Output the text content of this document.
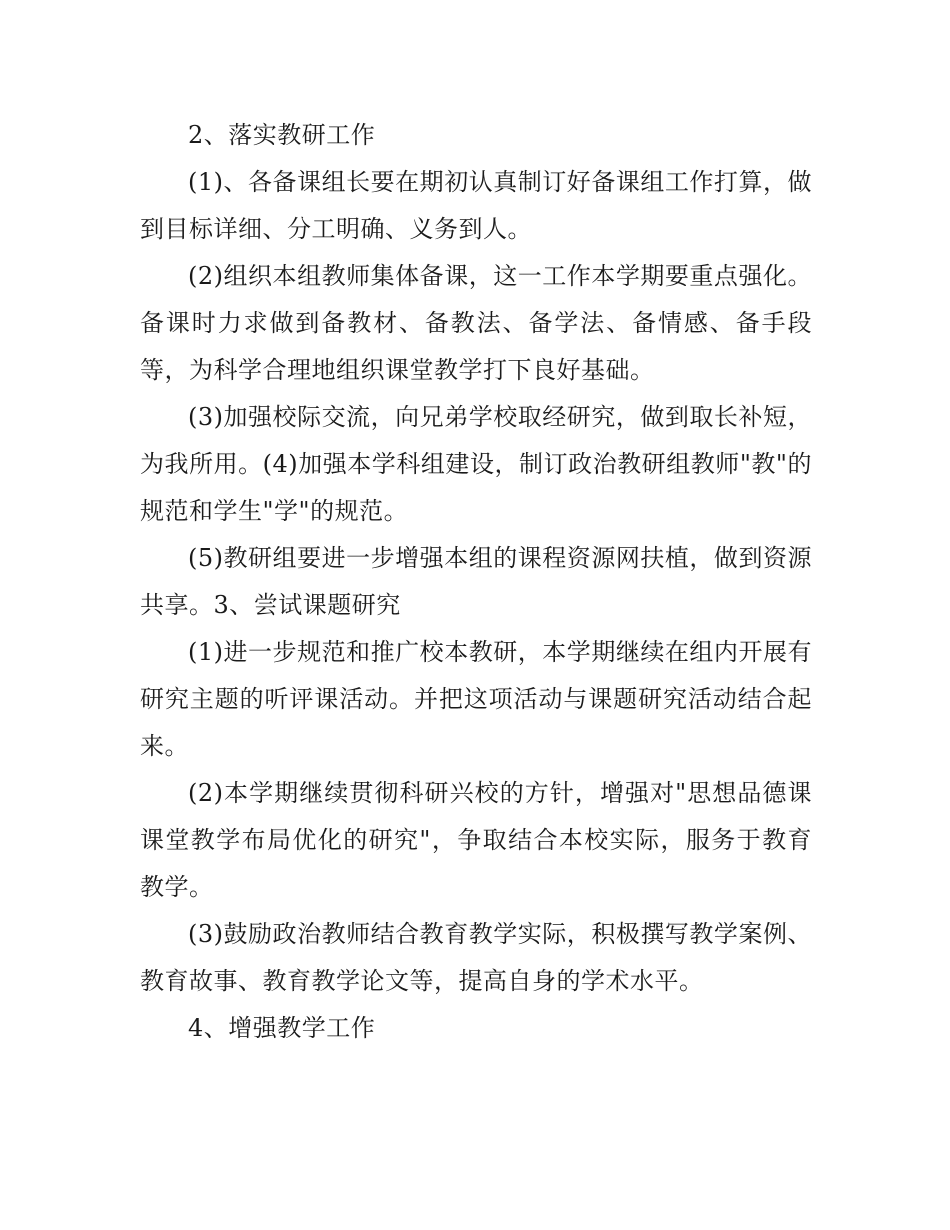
2、落实教研工作

(1)、各备课组长要在期初认真制订好备课组工作打算，做到目标详细、分工明确、义务到人。

(2)组织本组教师集体备课，这一工作本学期要重点强化。备课时力求做到备教材、备教法、备学法、备情感、备手段等，为科学合理地组织课堂教学打下良好基础。

(3)加强校际交流，向兄弟学校取经研究，做到取长补短，为我所用。(4)加强本学科组建设，制订政治教研组教师"教"的规范和学生"学"的规范。

(5)教研组要进一步增强本组的课程资源网扶植，做到资源共享。3、尝试课题研究

(1)进一步规范和推广校本教研，本学期继续在组内开展有研究主题的听评课活动。并把这项活动与课题研究活动结合起来。

(2)本学期继续贯彻科研兴校的方针，增强对"思想品德课课堂教学布局优化的研究"，争取结合本校实际，服务于教育教学。

(3)鼓励政治教师结合教育教学实际，积极撰写教学案例、教育故事、教育教学论文等，提高自身的学术水平。

4、增强教学工作
